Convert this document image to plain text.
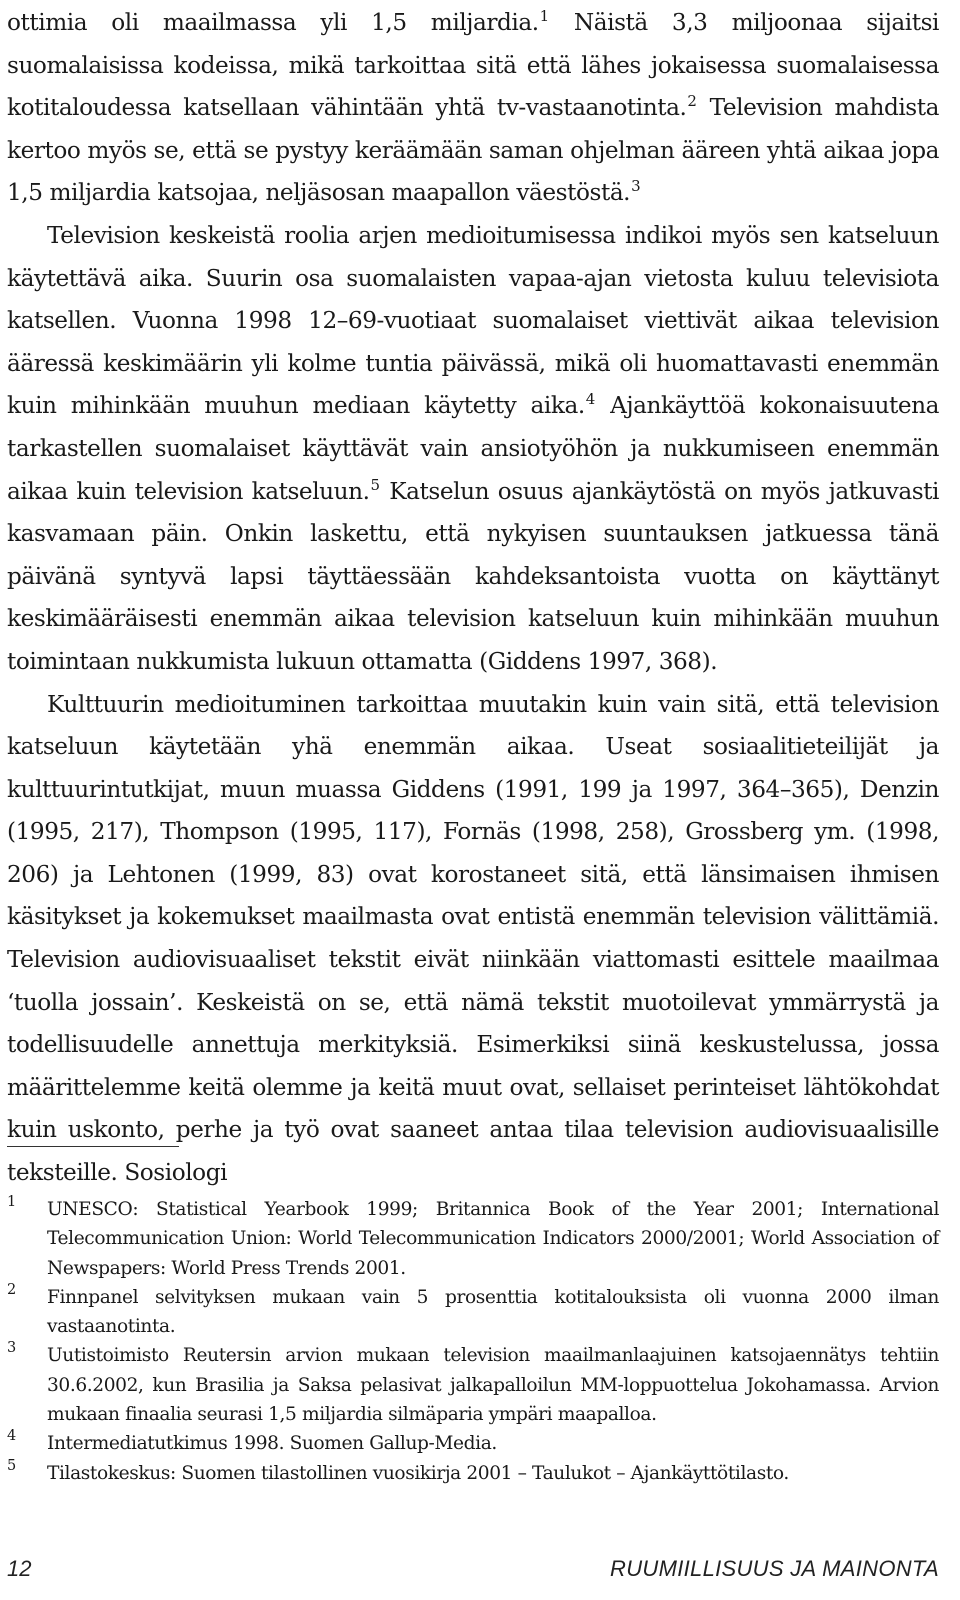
ottimia oli maailmassa yli 1,5 miljardia.$^1$ Näistä 3,3 miljoonaa sijaitsi suomalaisissa kodeissa, mikä tarkoittaa sitä että lähes jokaisessa suomalaisessa kotitaloudessa katsellaan vähintään yhtä tv-vastaanotinta.$^2$ Television mahdista kertoo myös se, että se pystyy keräämään saman ohjelman ääreen yhtä aikaa jopa 1,5 miljardia katsojaa, neljäsosan maapallon väestöstä.$^3$

Television keskeistä roolia arjen medioitumisessa indikoi myös sen katseluun käytettävä aika. Suurin osa suomalaisten vapaa-ajan vietosta kuluu televisiota katsellen. Vuonna 1998 12–69-vuotiaat suomalaiset viettivät aikaa television ääressä keskimäärin yli kolme tuntia päivässä, mikä oli huomattavasti enemmän kuin mihinkään muuhun mediaan käytetty aika.$^4$ Ajankäyttöä kokonaisuutena tarkastellen suomalaiset käyttävät vain ansiotyöhön ja nukkumiseen enemmän aikaa kuin television katseluun.$^5$ Katselun osuus ajankäytöstä on myös jatkuvasti kasvamaan päin. Onkin laskettu, että nykyisen suuntauksen jatkuessa tänä päivänä syntyvä lapsi täyttäessään kahdeksantoista vuotta on käyttänyt keskimääräisesti enemmän aikaa television katseluun kuin mihinkään muuhun toimintaan nukkumista lukuun ottamatta (Giddens 1997, 368).

Kulttuurin medioituminen tarkoittaa muutakin kuin vain sitä, että television katseluun käytetään yhä enemmän aikaa. Useat sosiaalitieteilijät ja kulttuurintutkijat, muun muassa Giddens (1991, 199 ja 1997, 364–365), Denzin (1995, 217), Thompson (1995, 117), Fornäs (1998, 258), Grossberg ym. (1998, 206) ja Lehtonen (1999, 83) ovat korostaneet sitä, että länsimaisen ihmisen käsitykset ja kokemukset maailmasta ovat entistä enemmän television välittämiä. Television audiovisuaaliset tekstit eivät niinkään viattomasti esittele maailmaa ‘tuolla jossain’. Keskeistä on se, että nämä tekstit muotoilevat ymmärrystä ja todellisuudelle annettuja merkityksiä. Esimerkiksi siinä keskustelussa, jossa määrittelemme keitä olemme ja keitä muut ovat, sellaiset perinteiset lähtökohdat kuin uskonto, perhe ja työ ovat saaneet antaa tilaa television audiovisuaalisille teksteille. Sosiologi

1 UNESCO: Statistical Yearbook 1999; Britannica Book of the Year 2001; International Telecommunication Union: World Telecommunication Indicators 2000/2001; World Association of Newspapers: World Press Trends 2001.
2 Finnpanel selvityksen mukaan vain 5 prosenttia kotitalouksista oli vuonna 2000 ilman vastaanotinta.
3 Uutistoimisto Reutersin arvion mukaan television maailmanlaajuinen katsojaennätys tehtiin 30.6.2002, kun Brasilia ja Saksa pelasivat jalkapalloilun MM-loppuottelua Jokohamassa. Arvion mukaan finaalia seurasi 1,5 miljardia silmäparia ympäri maapalloa.
4 Intermediatutkimus 1998. Suomen Gallup-Media.
5 Tilastokeskus: Suomen tilastollinen vuosikirja 2001 – Taulukot – Ajankäyttötilasto.
12	RUUMIILLISUUS JA MAINONTA
